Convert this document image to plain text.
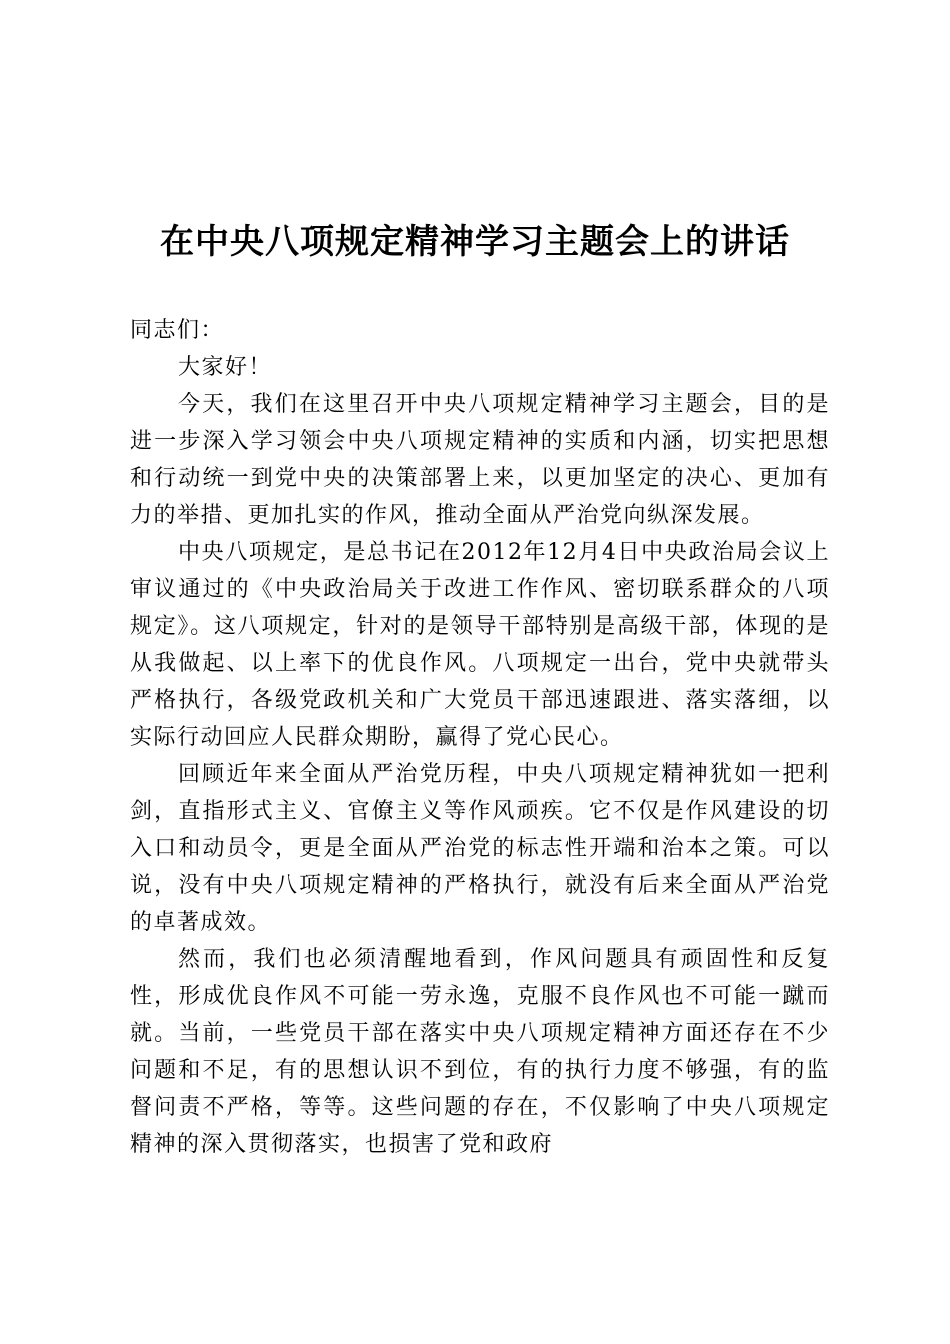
在中央八项规定精神学习主题会上的讲话

同志们：

大家好！

今天，我们在这里召开中央八项规定精神学习主题会，目的是进一步深入学习领会中央八项规定精神的实质和内涵，切实把思想和行动统一到党中央的决策部署上来，以更加坚定的决心、更加有力的举措、更加扎实的作风，推动全面从严治党向纵深发展。

中央八项规定，是总书记在2012年12月4日中央政治局会议上审议通过的《中央政治局关于改进工作作风、密切联系群众的八项规定》。这八项规定，针对的是领导干部特别是高级干部，体现的是从我做起、以上率下的优良作风。八项规定一出台，党中央就带头严格执行，各级党政机关和广大党员干部迅速跟进、落实落细，以实际行动回应人民群众期盼，赢得了党心民心。

回顾近年来全面从严治党历程，中央八项规定精神犹如一把利剑，直指形式主义、官僚主义等作风顽疾。它不仅是作风建设的切入口和动员令，更是全面从严治党的标志性开端和治本之策。可以说，没有中央八项规定精神的严格执行，就没有后来全面从严治党的卓著成效。

然而，我们也必须清醒地看到，作风问题具有顽固性和反复性，形成优良作风不可能一劳永逸，克服不良作风也不可能一蹴而就。当前，一些党员干部在落实中央八项规定精神方面还存在不少问题和不足，有的思想认识不到位，有的执行力度不够强，有的监督问责不严格，等等。这些问题的存在，不仅影响了中央八项规定精神的深入贯彻落实，也损害了党和政府
